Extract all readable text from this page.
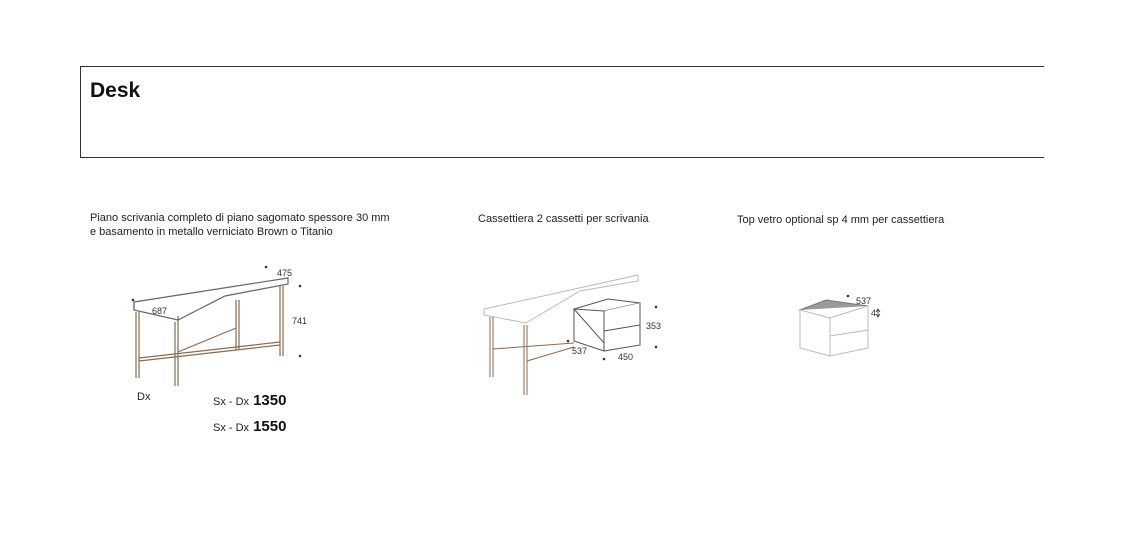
Desk
Piano scrivania completo di piano sagomato spessore 30 mm
e basamento in metallo verniciato Brown o Titanio
475
687
741
Dx	Sx - Dx 1350
Sx - Dx 1550
Cassettiera 2 cassetti per scrivania
353
537
450
Top vetro optional sp 4 mm per cassettiera
537
4
